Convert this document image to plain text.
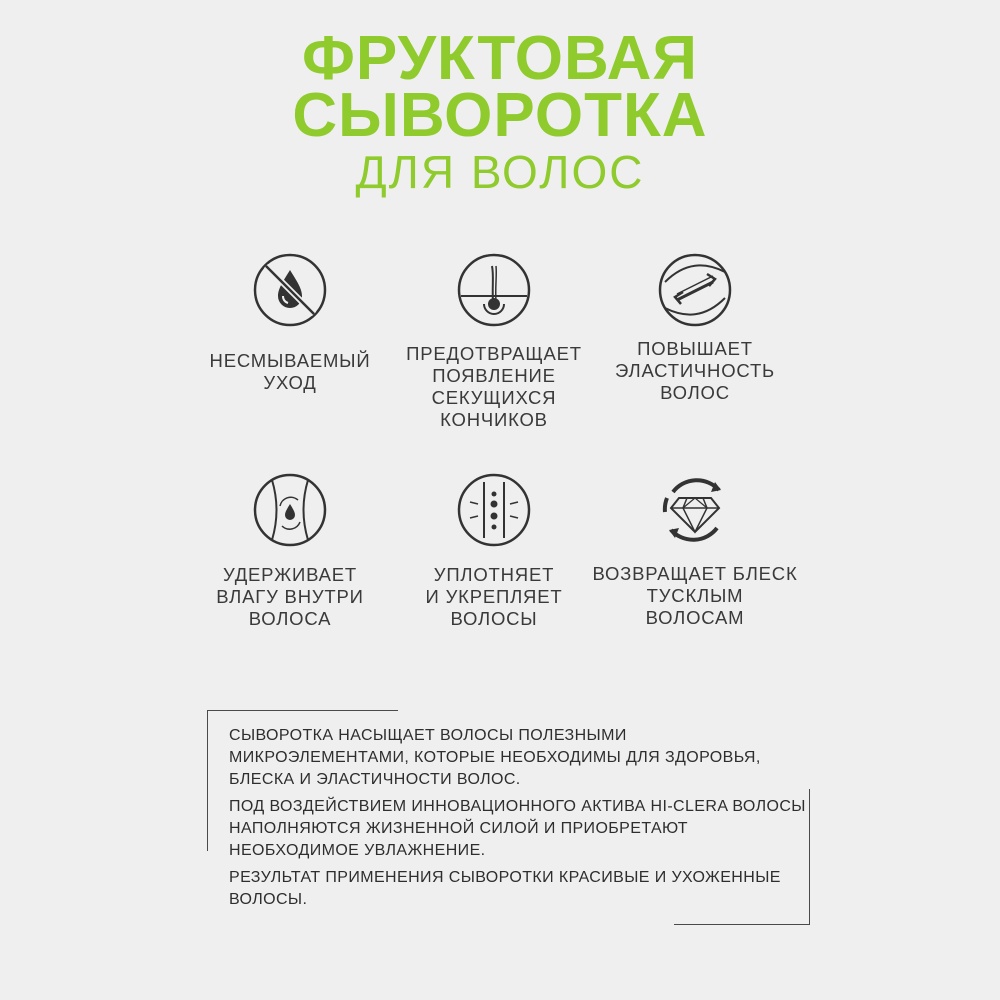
ФРУКТОВАЯ
СЫВОРОТКА
ДЛЯ ВОЛОС
НЕСМЫВАЕМЫЙ
УХОД
ПРЕДОТВРАЩАЕТ
ПОЯВЛЕНИЕ
СЕКУЩИХСЯ
КОНЧИКОВ
ПОВЫШАЕТ
ЭЛАСТИЧНОСТЬ
ВОЛОС
УДЕРЖИВАЕТ
ВЛАГУ ВНУТРИ
ВОЛОСА
УПЛОТНЯЕТ
И УКРЕПЛЯЕТ
ВОЛОСЫ
ВОЗВРАЩАЕТ БЛЕСК
ТУСКЛЫМ
ВОЛОСАМ

СЫВОРОТКА НАСЫЩАЕТ ВОЛОСЫ ПОЛЕЗНЫМИ МИКРОЭЛЕМЕНТАМИ, КОТОРЫЕ НЕОБХОДИМЫ ДЛЯ ЗДОРОВЬЯ, БЛЕСКА И ЭЛАСТИЧНОСТИ ВОЛОС.

ПОД ВОЗДЕЙСТВИЕМ ИННОВАЦИОННОГО АКТИВА HI-CLERA ВОЛОСЫ НАПОЛНЯЮТСЯ ЖИЗНЕННОЙ СИЛОЙ И ПРИОБРЕТАЮТ НЕОБХОДИМОЕ УВЛАЖНЕНИЕ.

РЕЗУЛЬТАТ ПРИМЕНЕНИЯ СЫВОРОТКИ КРАСИВЫЕ И УХОЖЕННЫЕ ВОЛОСЫ.
